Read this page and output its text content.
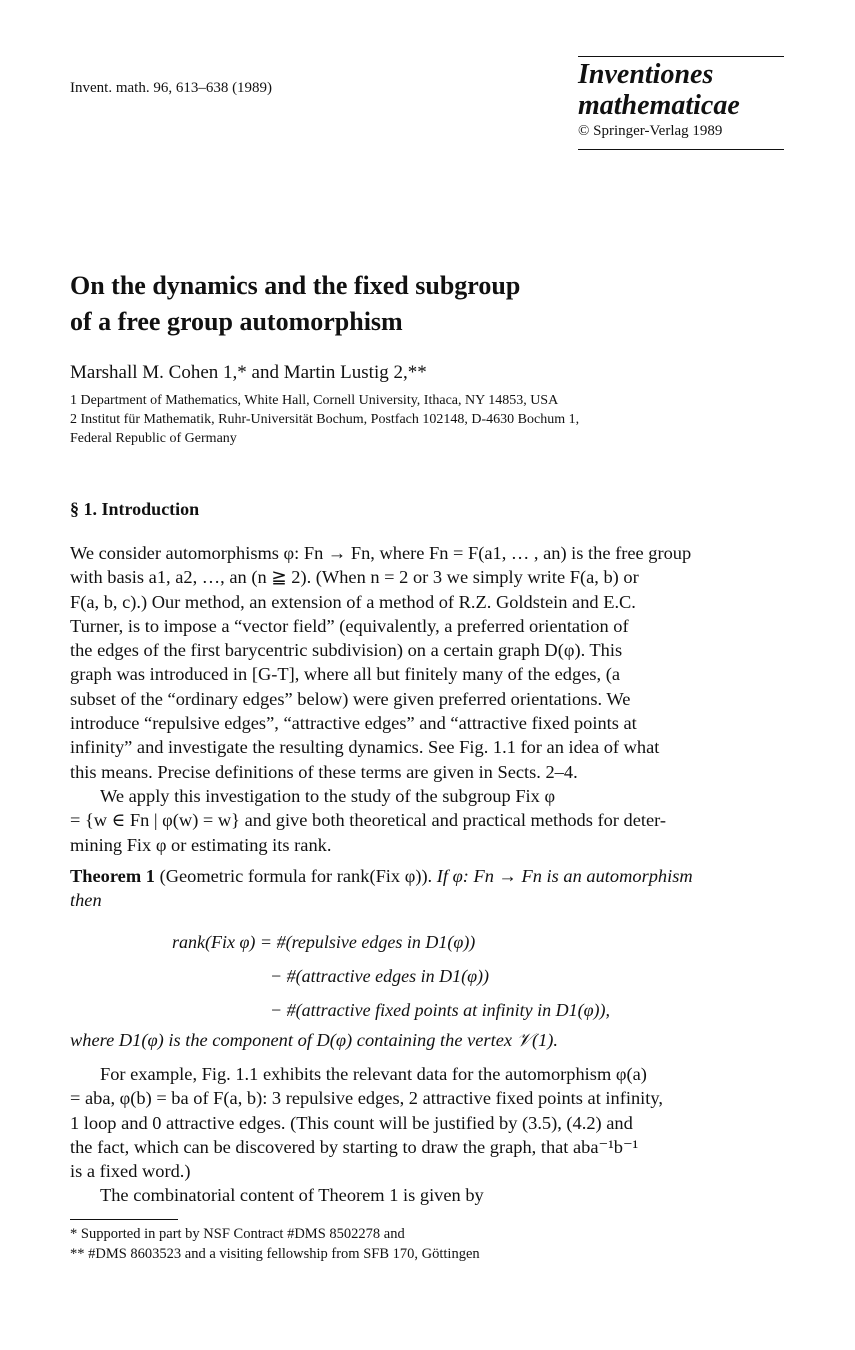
Invent. math. 96, 613–638 (1989)	Inventiones
mathematicae
© Springer-Verlag 1989
On the dynamics and the fixed subgroup
of a free group automorphism
Marshall M. Cohen 1,* and Martin Lustig 2,**
1 Department of Mathematics, White Hall, Cornell University, Ithaca, NY 14853, USA
2 Institut für Mathematik, Ruhr-Universität Bochum, Postfach 102148, D-4630 Bochum 1,
Federal Republic of Germany
§ 1. Introduction
We consider automorphisms φ: Fn → Fn, where Fn = F(a1, … , an) is the free group
with basis a1, a2, …, an (n ≧ 2). (When n = 2 or 3 we simply write F(a, b) or
F(a, b, c).) Our method, an extension of a method of R.Z. Goldstein and E.C.
Turner, is to impose a “vector field” (equivalently, a preferred orientation of
the edges of the first barycentric subdivision) on a certain graph D(φ). This
graph was introduced in [G-T], where all but finitely many of the edges, (a
subset of the “ordinary edges” below) were given preferred orientations. We
introduce “repulsive edges”, “attractive edges” and “attractive fixed points at
infinity” and investigate the resulting dynamics. See Fig. 1.1 for an idea of what
this means. Precise definitions of these terms are given in Sects. 2–4.
We apply this investigation to the study of the subgroup Fix φ
= {w ∈ Fn | φ(w) = w} and give both theoretical and practical methods for deter-
mining Fix φ or estimating its rank.
Theorem 1 (Geometric formula for rank(Fix φ)). If φ: Fn → Fn is an automorphism
then
rank(Fix φ) = #(repulsive edges in D1(φ))
− #(attractive edges in D1(φ))
− #(attractive fixed points at infinity in D1(φ)),
where D1(φ) is the component of D(φ) containing the vertex 𝒱(1).
For example, Fig. 1.1 exhibits the relevant data for the automorphism φ(a)
= aba, φ(b) = ba of F(a, b): 3 repulsive edges, 2 attractive fixed points at infinity,
1 loop and 0 attractive edges. (This count will be justified by (3.5), (4.2) and
the fact, which can be discovered by starting to draw the graph, that aba⁻¹b⁻¹
is a fixed word.)
The combinatorial content of Theorem 1 is given by
* Supported in part by NSF Contract #DMS 8502278 and
** #DMS 8603523 and a visiting fellowship from SFB 170, Göttingen
